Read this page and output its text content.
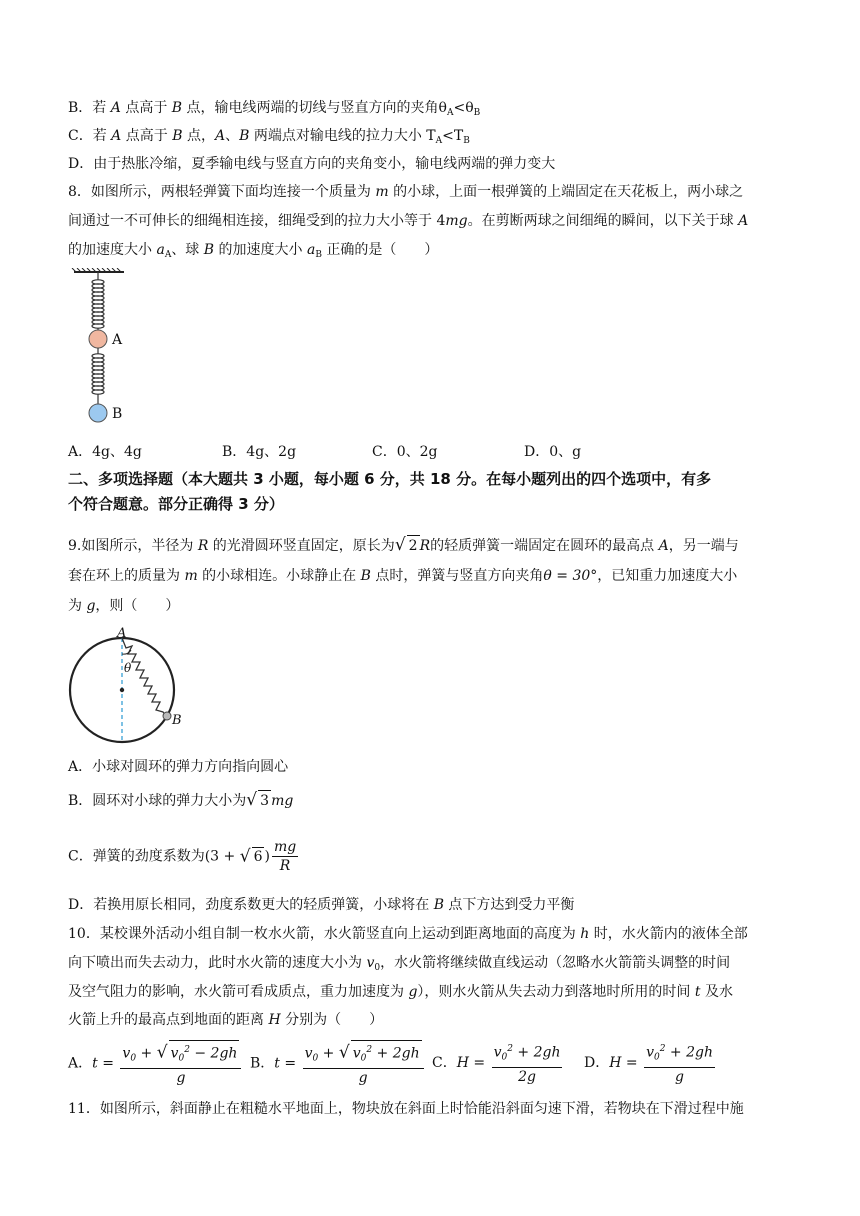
B．若 A 点高于 B 点，输电线两端的切线与竖直方向的夹角$\theta_A<\theta_B$
C．若 A 点高于 B 点，A、B 两端点对输电线的拉力大小 $T_A<T_B$
D．由于热胀冷缩，夏季输电线与竖直方向的夹角变小，输电线两端的弹力变大
8．如图所示，两根轻弹簧下面均连接一个质量为 m 的小球，上面一根弹簧的上端固定在天花板上，两小球之
间通过一不可伸长的细绳相连接，细绳受到的拉力大小等于 4mg。在剪断两球之间细绳的瞬间，以下关于球 A
的加速度大小 $a_A$、球 B 的加速度大小 $a_B$ 正确的是（　　）
A
B
A．4g、4g	B．4g、2g	C．0、2g	D．0、g
二、多项选择题（本大题共 3 小题，每小题 6 分，共 18 分。在每小题列出的四个选项中，有多
个符合题意。部分正确得 3 分）
9.如图所示，半径为 R 的光滑圆环竖直固定，原长为√ 2 R的轻质弹簧一端固定在圆环的最高点 A，另一端与
套在环上的质量为 m 的小球相连。小球静止在 B 点时，弹簧与竖直方向夹角θ = 30°，已知重力加速度大小
为 g，则（　　）
A
B
θ
A．小球对圆环的弹力方向指向圆心
B．圆环对小球的弹力大小为√ 3 mg
C．弹簧的劲度系数为(3 + √ 6 ) $\frac{mg}{R}$
D．若换用原长相同，劲度系数更大的轻质弹簧，小球将在 B 点下方达到受力平衡
10．某校课外活动小组自制一枚水火箭，水火箭竖直向上运动到距离地面的高度为 h 时，水火箭内的液体全部
向下喷出而失去动力，此时水火箭的速度大小为 $v_0$，水火箭将继续做直线运动（忽略水火箭箭头调整的时间
及空气阻力的影响，水火箭可看成质点，重力加速度为 g），则水火箭从失去动力到落地时所用的时间 t 及水
火箭上升的最高点到地面的距离 H 分别为（　　）
A．$t = \frac{v_0 + √ v_0^2 - 2gh}{g}$ B．$t = \frac{v_0 + √ v_0^2 + 2gh}{g}$ C．$H = \frac{v_0^2 + 2gh}{2g}$ D．$H = \frac{v_0^2 + 2gh}{g}$
11．如图所示，斜面静止在粗糙水平地面上，物块放在斜面上时恰能沿斜面匀速下滑，若物块在下滑过程中施
